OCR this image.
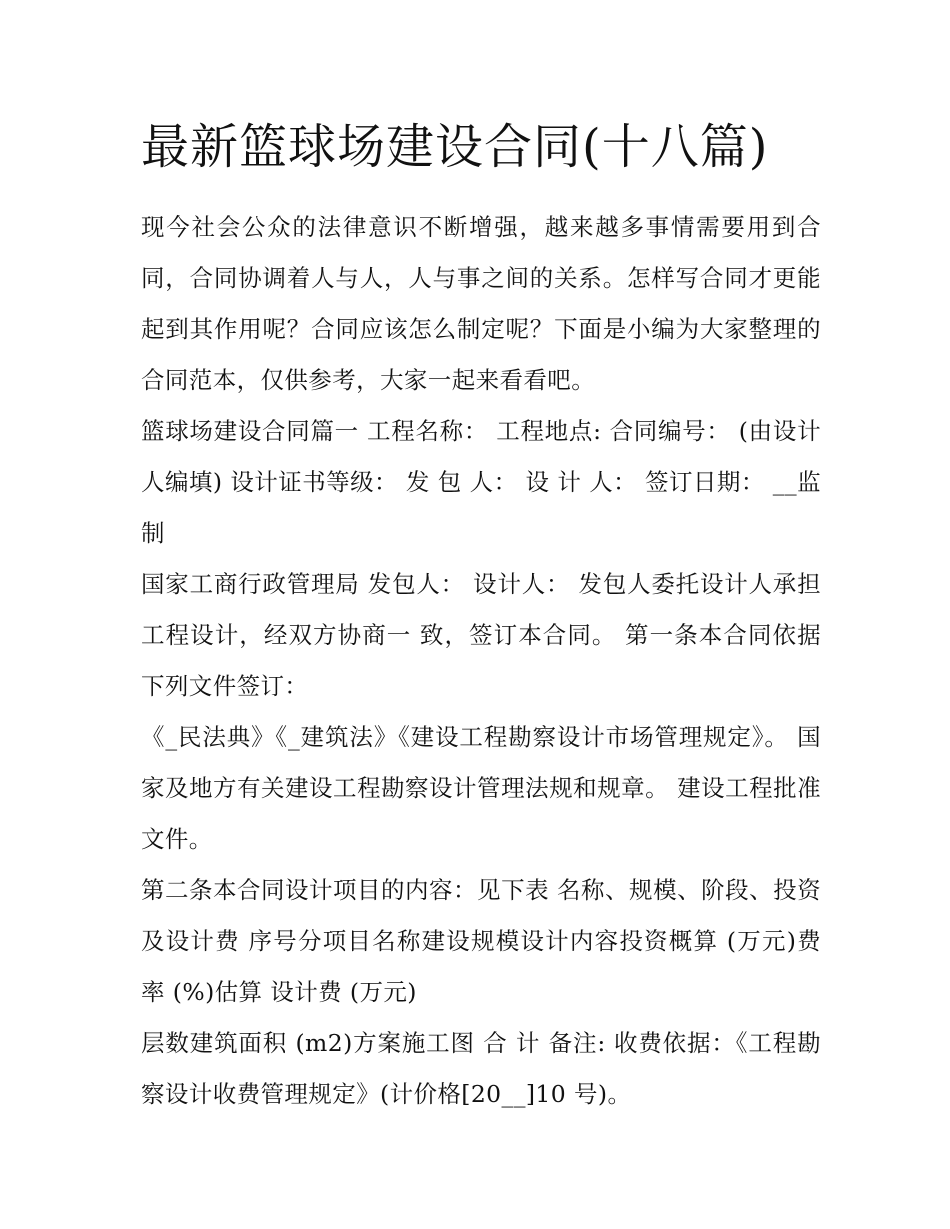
最新篮球场建设合同(十八篇)

现今社会公众的法律意识不断增强，越来越多事情需要用到合同，合同协调着人与人，人与事之间的关系。怎样写合同才更能起到其作用呢？合同应该怎么制定呢？下面是小编为大家整理的合同范本，仅供参考，大家一起来看看吧。

篮球场建设合同篇一 工程名称： 工程地点: 合同编号： (由设计人编填) 设计证书等级： 发 包 人： 设 计 人： 签订日期： __监制

国家工商行政管理局 发包人： 设计人： 发包人委托设计人承担 工程设计，经双方协商一 致，签订本合同。 第一条本合同依据下列文件签订：

《_民法典》《_建筑法》《建设工程勘察设计市场管理规定》。 国家及地方有关建设工程勘察设计管理法规和规章。 建设工程批准文件。

第二条本合同设计项目的内容：见下表 名称、规模、阶段、投资及设计费 序号分项目名称建设规模设计内容投资概算 (万元)费率 (%)估算 设计费 (万元)

层数建筑面积 (m2)方案施工图 合 计 备注: 收费依据：《工程勘察设计收费管理规定》(计价格[20__]10 号)。
